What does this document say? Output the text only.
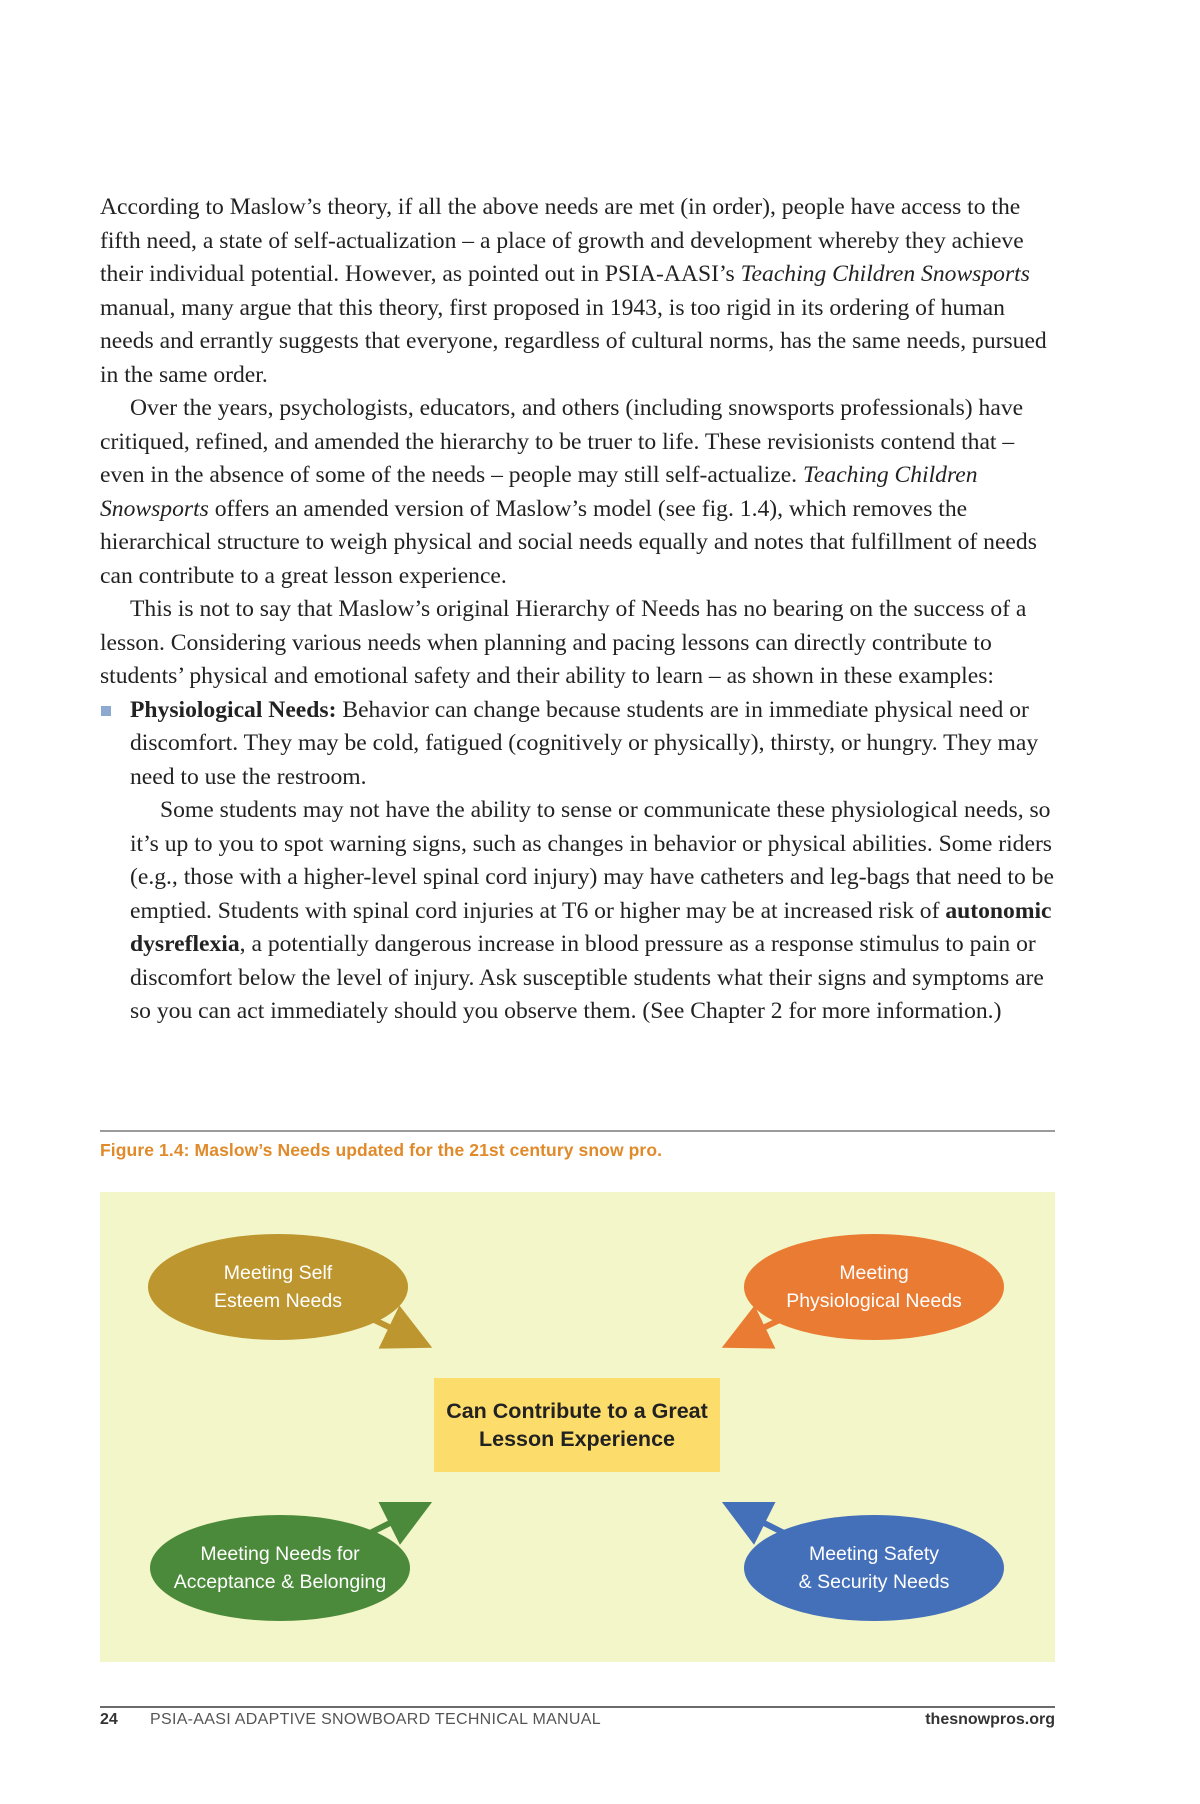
According to Maslow’s theory, if all the above needs are met (in order), people have access to the fifth need, a state of self-actualization – a place of growth and development whereby they achieve their individual potential. However, as pointed out in PSIA-AASI’s Teaching Children Snowsports manual, many argue that this theory, first proposed in 1943, is too rigid in its ordering of human needs and errantly suggests that everyone, regardless of cultural norms, has the same needs, pursued in the same order.

Over the years, psychologists, educators, and others (including snowsports professionals) have critiqued, refined, and amended the hierarchy to be truer to life. These revisionists contend that – even in the absence of some of the needs – people may still self-actualize. Teaching Children Snowsports offers an amended version of Maslow’s model (see fig. 1.4), which removes the hierarchical structure to weigh physical and social needs equally and notes that fulfillment of needs can contribute to a great lesson experience.

This is not to say that Maslow’s original Hierarchy of Needs has no bearing on the success of a lesson. Considering various needs when planning and pacing lessons can directly contribute to students’ physical and emotional safety and their ability to learn – as shown in these examples:

Physiological Needs: Behavior can change because students are in immediate physical need or discomfort. They may be cold, fatigued (cognitively or physically), thirsty, or hungry. They may need to use the restroom.

Some students may not have the ability to sense or communicate these physiological needs, so it’s up to you to spot warning signs, such as changes in behavior or physical abilities. Some riders (e.g., those with a higher-level spinal cord injury) may have catheters and leg-bags that need to be emptied. Students with spinal cord injuries at T6 or higher may be at increased risk of autonomic dysreflexia, a potentially dangerous increase in blood pressure as a response stimulus to pain or discomfort below the level of injury. Ask susceptible students what their signs and symptoms are so you can act immediately should you observe them. (See Chapter 2 for more information.)

Figure 1.4: Maslow’s Needs updated for the 21st century snow pro.
Meeting Self
Esteem Needs
Meeting
Physiological Needs
Meeting Needs for
Acceptance & Belonging
Meeting Safety
& Security Needs
Can Contribute to a Great
Lesson Experience
24 PSIA-AASI ADAPTIVE SNOWBOARD TECHNICAL MANUAL	thesnowpros.org
